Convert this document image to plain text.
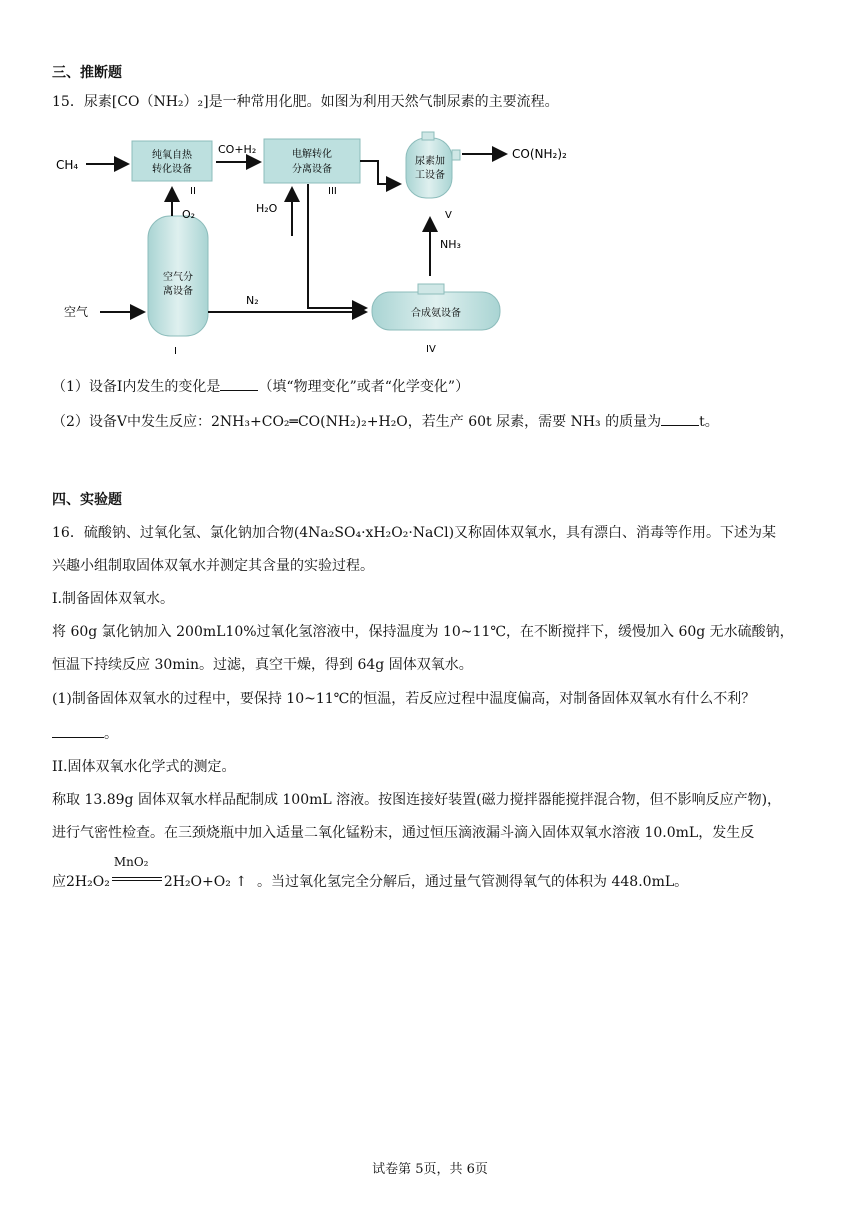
三、推断题
15．尿素[CO（NH₂）₂]是一种常用化肥。如图为利用天然气制尿素的主要流程。
CH₄
纯氧自热
转化设备
II
CO+H₂	电解转化
分离设备
III
H₂O
尿素加
工设备
V
CO(NH₂)₂
NH₃
空气分
离设备
I
O₂
空气
N₂
合成氨设备
IV
（1）设备I内发生的变化是	（填“物理变化”或者“化学变化”）
（2）设备V中发生反应：2NH₃+CO₂═CO(NH₂)₂+H₂O，若生产 60t 尿素，需要 NH₃ 的质量为	t。
四、实验题
16．硫酸钠、过氧化氢、氯化钠加合物(4Na₂SO₄·xH₂O₂·NaCl)又称固体双氧水，具有漂白、消毒等作用。下述为某
兴趣小组制取固体双氧水并测定其含量的实验过程。
I.制备固体双氧水。
将 60g 氯化钠加入 200mL10%过氧化氢溶液中，保持温度为 10~11℃，在不断搅拌下，缓慢加入 60g 无水硫酸钠，
恒温下持续反应 30min。过滤，真空干燥，得到 64g 固体双氧水。
(1)制备固体双氧水的过程中，要保持 10~11℃的恒温，若反应过程中温度偏高，对制备固体双氧水有什么不利？
。
II.固体双氧水化学式的测定。
称取 13.89g 固体双氧水样品配制成 100mL 溶液。按图连接好装置(磁力搅拌器能搅拌混合物，但不影响反应产物)，
进行气密性检查。在三颈烧瓶中加入适量二氧化锰粉末，通过恒压滴液漏斗滴入固体双氧水溶液 10.0mL，发生反
应2H₂O₂
MnO₂
2H₂O+O₂ ↑ 。当过氧化氢完全分解后，通过量气管测得氧气的体积为 448.0mL。
试卷第 5页，共 6页
